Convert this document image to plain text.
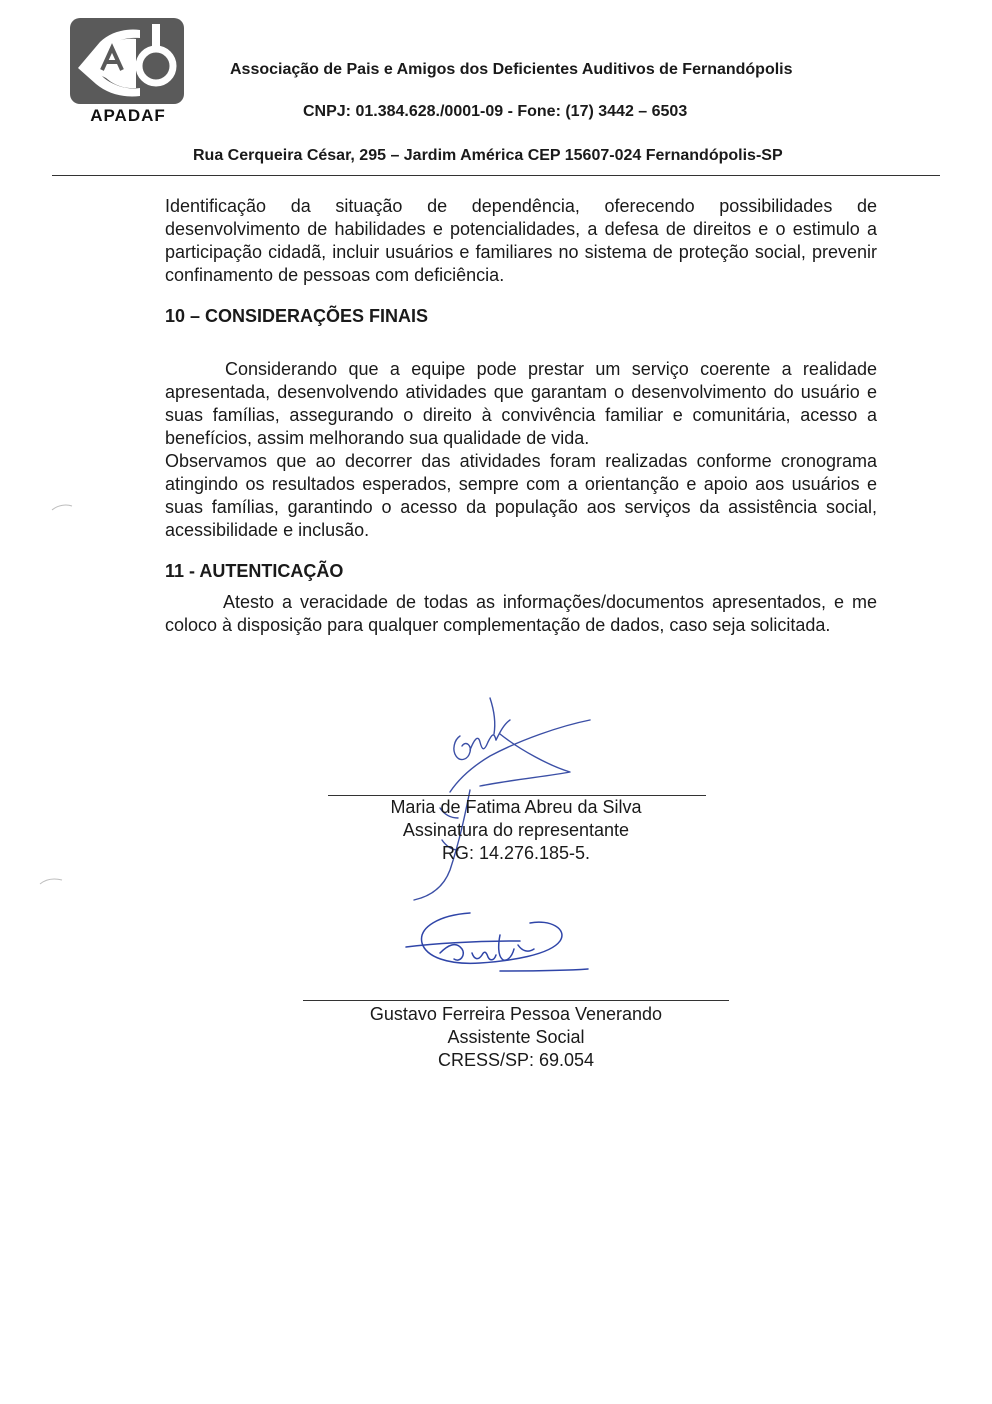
APADAF
Associação de Pais e Amigos dos Deficientes Auditivos de Fernandópolis
CNPJ: 01.384.628./0001-09 - Fone: (17) 3442 – 6503
Rua Cerqueira César, 295 – Jardim América CEP 15607-024 Fernandópolis-SP

Identificação da situação de dependência, oferecendo possibilidades de desenvolvimento de habilidades e potencialidades, a defesa de direitos e o estimulo a participação cidadã, incluir usuários e familiares no sistema de proteção social, prevenir confinamento de pessoas com deficiência.

10 – CONSIDERAÇÕES FINAIS

Considerando que a equipe pode prestar um serviço coerente a realidade apresentada, desenvolvendo atividades que garantam o desenvolvimento do usuário e suas famílias, assegurando o direito à convivência familiar e comunitária, acesso a benefícios, assim melhorando sua qualidade de vida.

Observamos que ao decorrer das atividades foram realizadas conforme cronograma atingindo os resultados esperados, sempre com a orientanção e apoio aos usuários e suas famílias, garantindo o acesso da população aos serviços da assistência social, acessibilidade e inclusão.

11 - AUTENTICAÇÃO

Atesto a veracidade de todas as informações/documentos apresentados, e me coloco à disposição para qualquer complementação de dados, caso seja solicitada.

Maria de Fatima Abreu da Silva
Assinatura do representante
RG: 14.276.185-5.
Gustavo Ferreira Pessoa Venerando
Assistente Social
CRESS/SP: 69.054
